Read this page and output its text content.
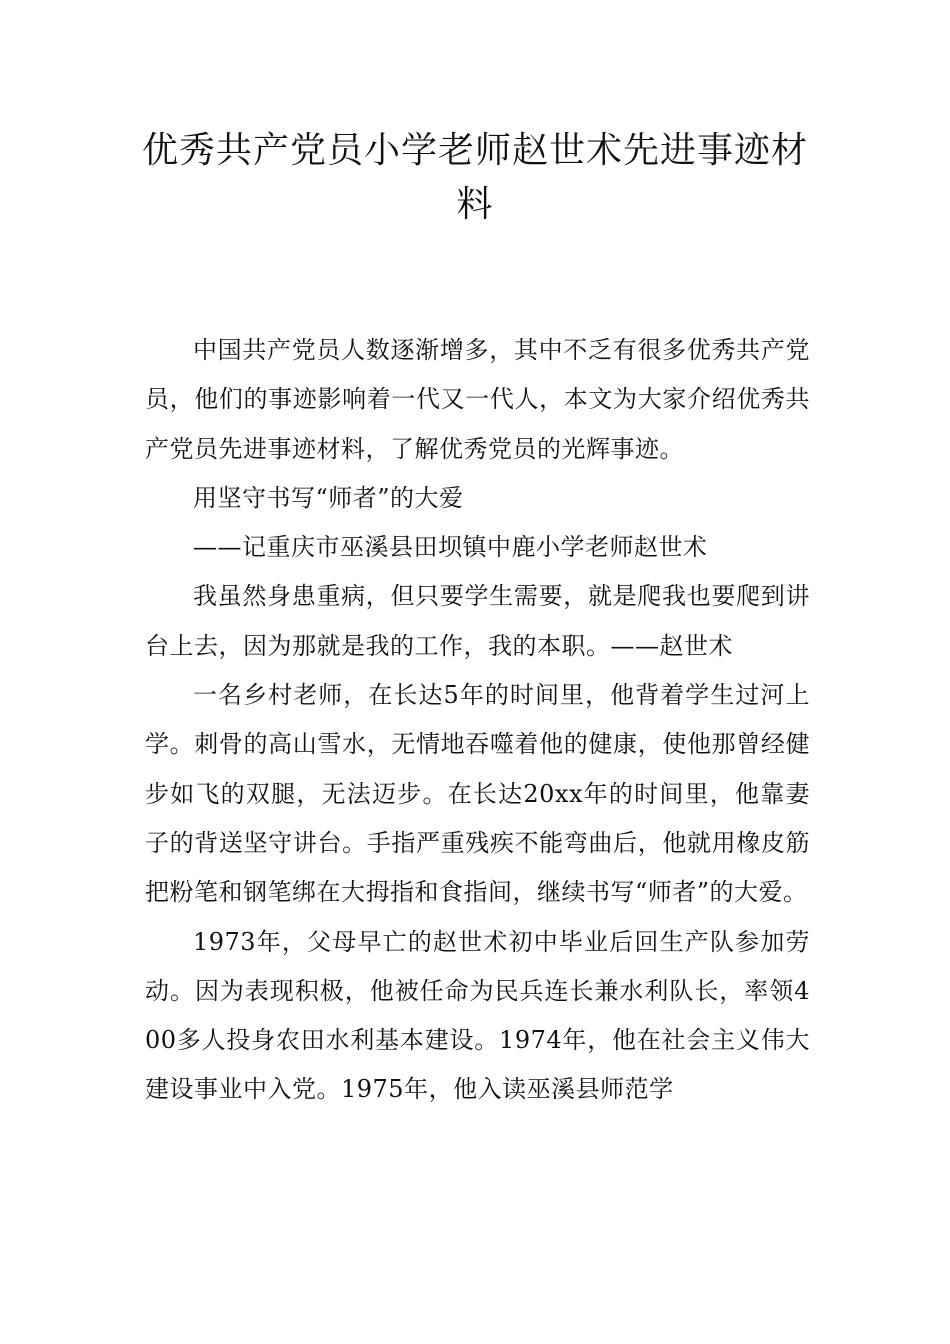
优秀共产党员小学老师赵世术先进事迹材料

中国共产党员人数逐渐增多，其中不乏有很多优秀共产党员，他们的事迹影响着一代又一代人，本文为大家介绍优秀共产党员先进事迹材料，了解优秀党员的光辉事迹。

用坚守书写“师者”的大爱

——记重庆市巫溪县田坝镇中鹿小学老师赵世术

我虽然身患重病，但只要学生需要，就是爬我也要爬到讲台上去，因为那就是我的工作，我的本职。——赵世术

一名乡村老师，在长达5年的时间里，他背着学生过河上学。刺骨的高山雪水，无情地吞噬着他的健康，使他那曾经健步如飞的双腿，无法迈步。在长达20xx年的时间里，他靠妻子的背送坚守讲台。手指严重残疾不能弯曲后，他就用橡皮筋把粉笔和钢笔绑在大拇指和食指间，继续书写“师者”的大爱。

1973年，父母早亡的赵世术初中毕业后回生产队参加劳动。因为表现积极，他被任命为民兵连长兼水利队长，率领400多人投身农田水利基本建设。1974年，他在社会主义伟大建设事业中入党。1975年，他入读巫溪县师范学
